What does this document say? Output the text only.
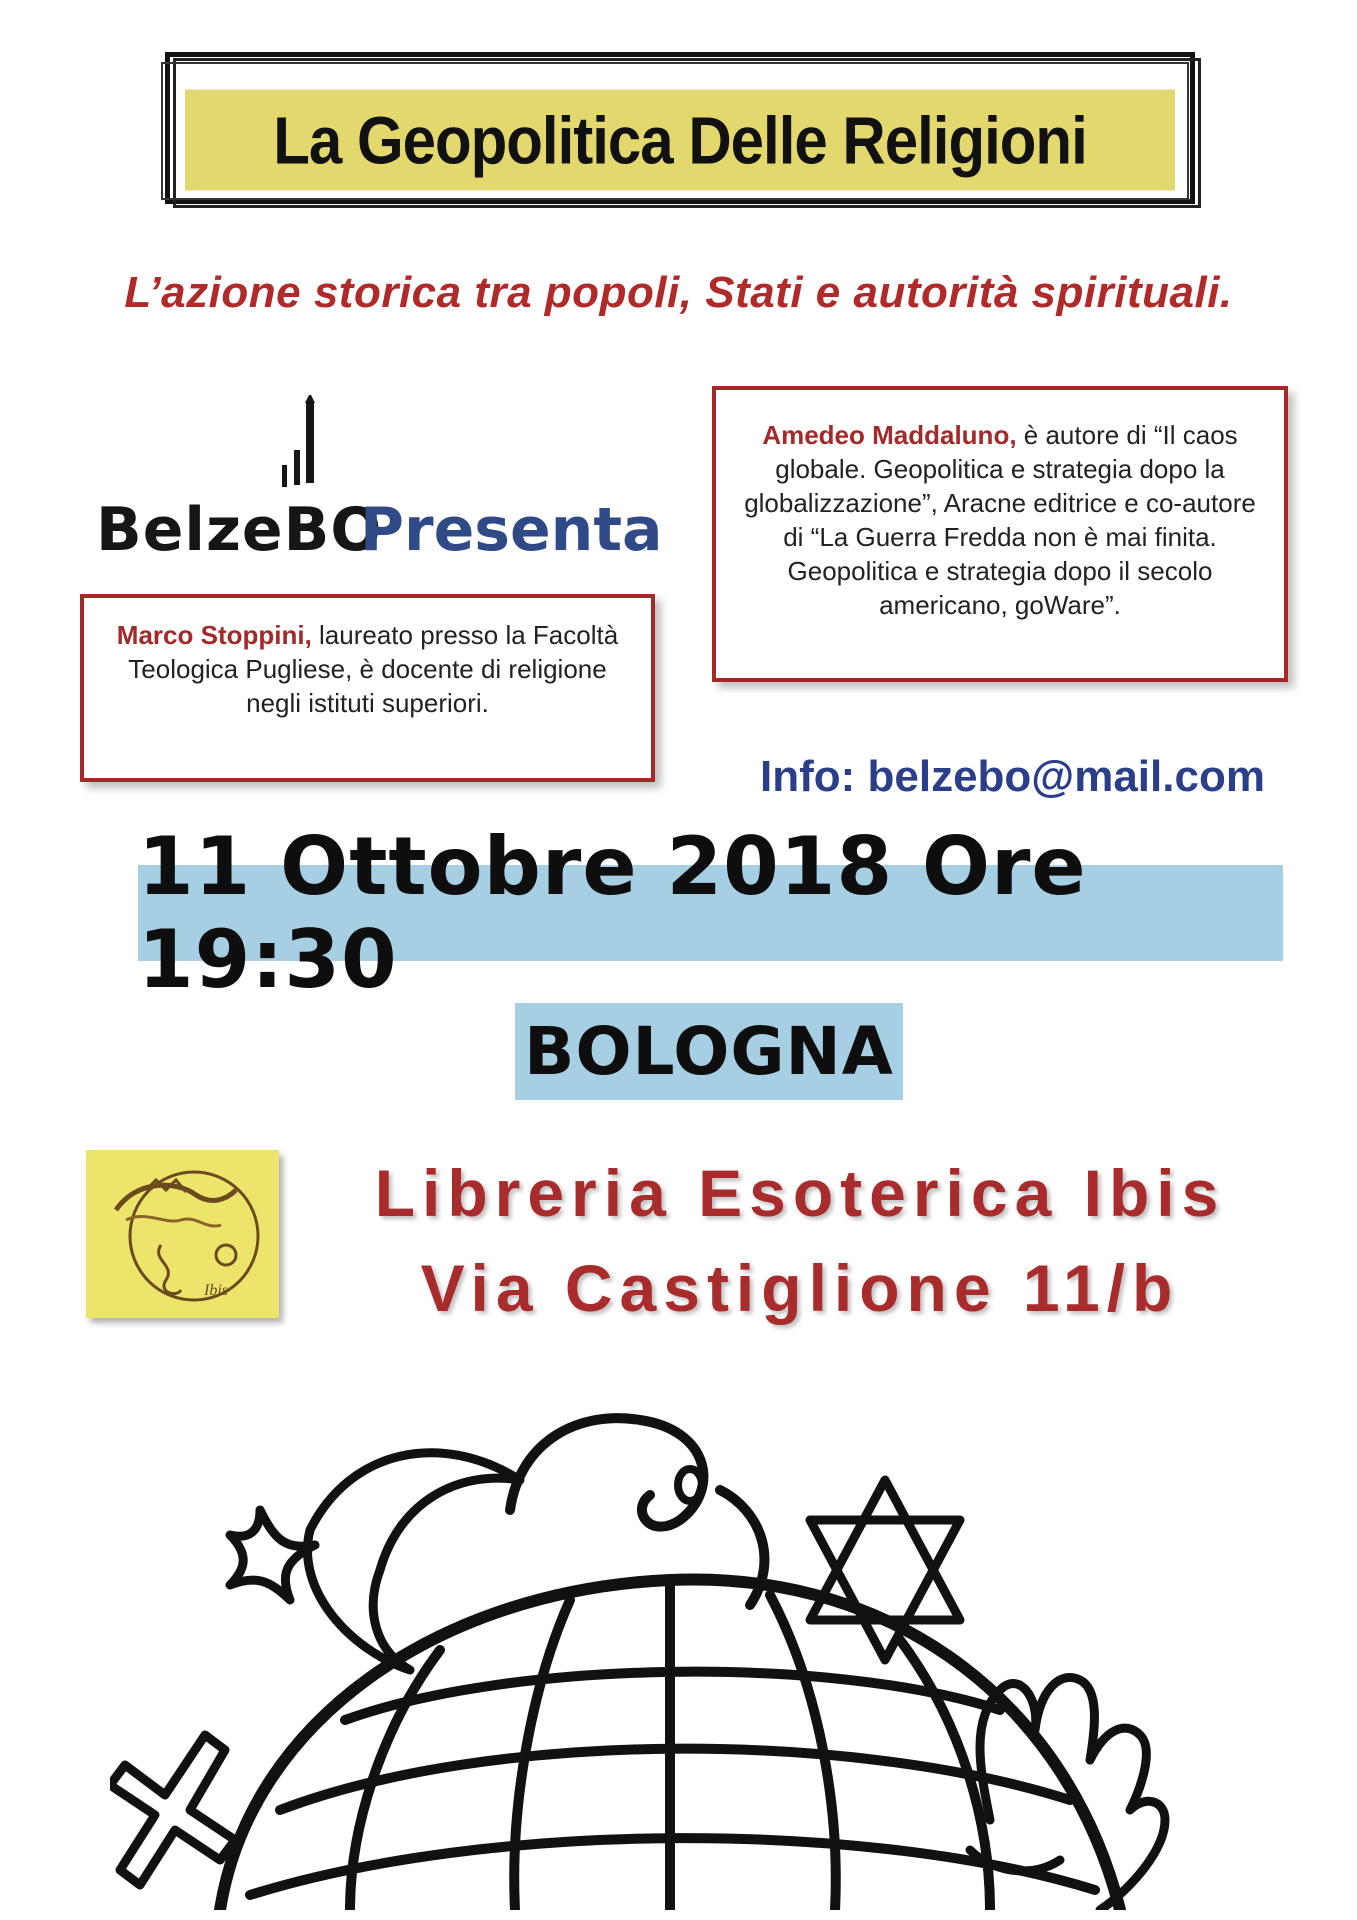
La Geopolitica Delle Religioni
L’azione storica tra popoli, Stati e autorità spirituali.
BelzeBO
Presenta
Marco Stoppini, laureato presso la Facoltà Teologica Pugliese, è docente di religione negli istituti superiori.
Amedeo Maddaluno, è autore di “Il caos globale. Geopolitica e strategia dopo la globalizzazione”, Aracne editrice e co-autore di “La Guerra Fredda non è mai finita. Geopolitica e strategia dopo il secolo americano, goWare”.
Info: belzebo@mail.com
11 Ottobre 2018 Ore 19:30
BOLOGNA
Ibis
Libreria Esoterica Ibis
Via Castiglione 11/b
